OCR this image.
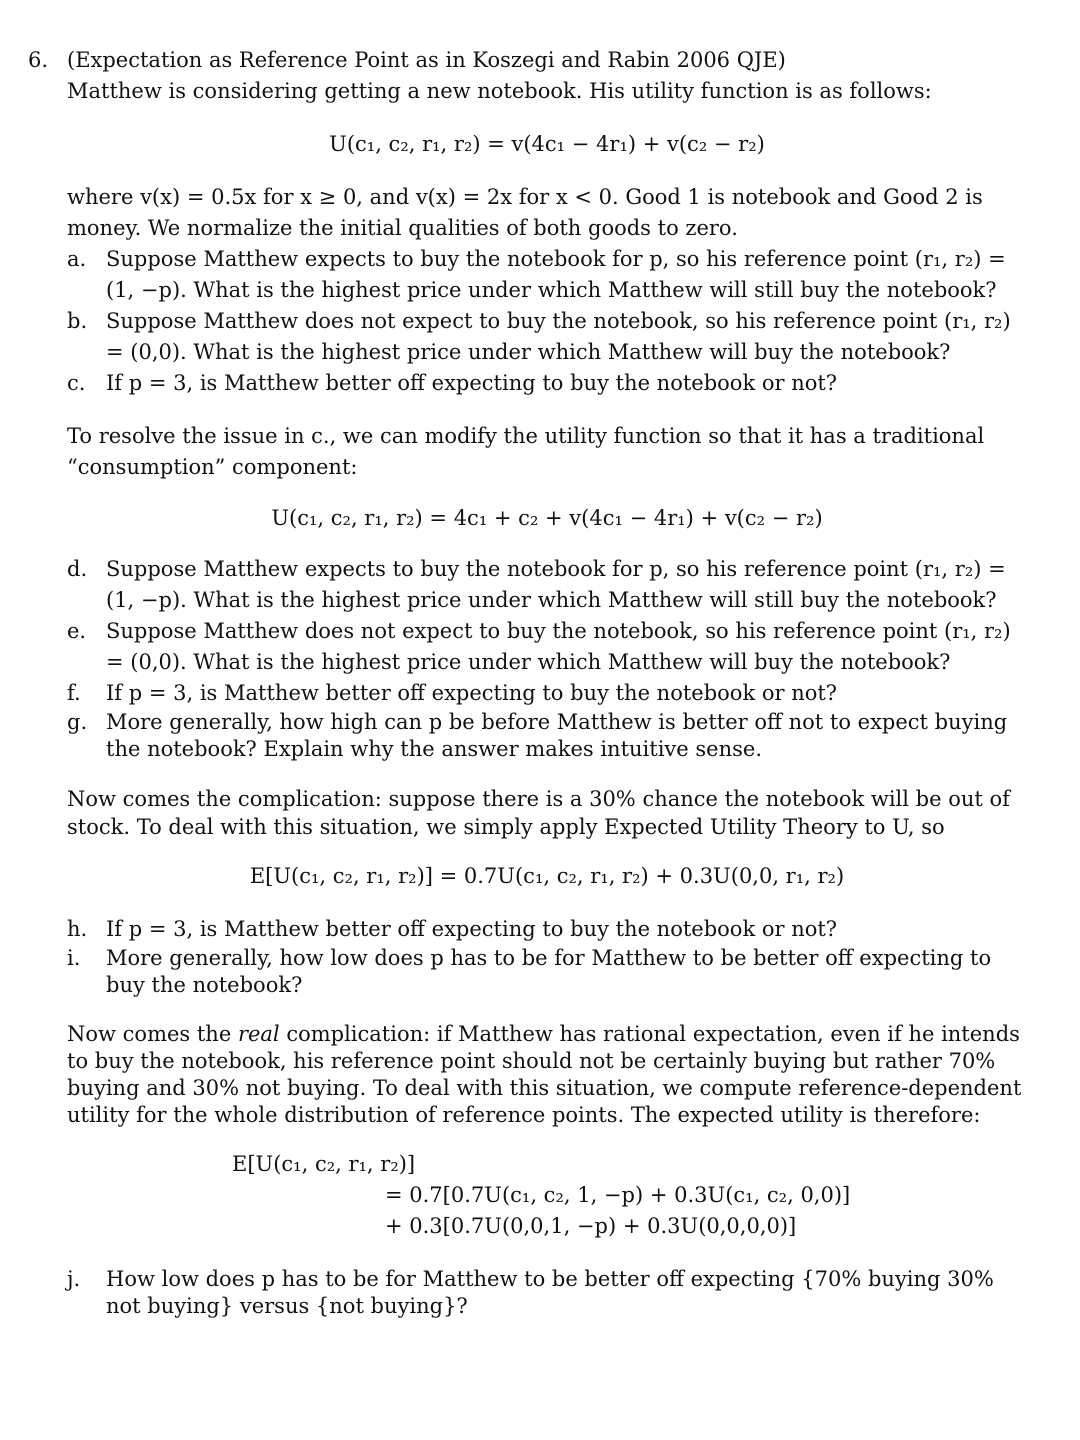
6. (Expectation as Reference Point as in Koszegi and Rabin 2006 QJE)

Matthew is considering getting a new notebook. His utility function is as follows:

U(c₁, c₂, r₁, r₂) = v(4c₁ − 4r₁) + v(c₂ − r₂)

where v(x) = 0.5x for x ≥ 0, and v(x) = 2x for x < 0. Good 1 is notebook and Good 2 is money. We normalize the initial qualities of both goods to zero.

a. Suppose Matthew expects to buy the notebook for p, so his reference point (r₁, r₂) = (1, −p). What is the highest price under which Matthew will still buy the notebook?
b. Suppose Matthew does not expect to buy the notebook, so his reference point (r₁, r₂) = (0,0). What is the highest price under which Matthew will buy the notebook?
c. If p = 3, is Matthew better off expecting to buy the notebook or not?

To resolve the issue in c., we can modify the utility function so that it has a traditional “consumption” component:

U(c₁, c₂, r₁, r₂) = 4c₁ + c₂ + v(4c₁ − 4r₁) + v(c₂ − r₂)

d. Suppose Matthew expects to buy the notebook for p, so his reference point (r₁, r₂) = (1, −p). What is the highest price under which Matthew will still buy the notebook?
e. Suppose Matthew does not expect to buy the notebook, so his reference point (r₁, r₂) = (0,0). What is the highest price under which Matthew will buy the notebook?
f. If p = 3, is Matthew better off expecting to buy the notebook or not?
g. More generally, how high can p be before Matthew is better off not to expect buying the notebook? Explain why the answer makes intuitive sense.

Now comes the complication: suppose there is a 30% chance the notebook will be out of stock. To deal with this situation, we simply apply Expected Utility Theory to U, so

E[U(c₁, c₂, r₁, r₂)] = 0.7U(c₁, c₂, r₁, r₂) + 0.3U(0,0, r₁, r₂)

h. If p = 3, is Matthew better off expecting to buy the notebook or not?
i. More generally, how low does p has to be for Matthew to be better off expecting to buy the notebook?

Now comes the real complication: if Matthew has rational expectation, even if he intends to buy the notebook, his reference point should not be certainly buying but rather 70% buying and 30% not buying. To deal with this situation, we compute reference-dependent utility for the whole distribution of reference points. The expected utility is therefore:

E[U(c₁, c₂, r₁, r₂)]
= 0.7[0.7U(c₁, c₂, 1, −p) + 0.3U(c₁, c₂, 0,0)]
+ 0.3[0.7U(0,0,1, −p) + 0.3U(0,0,0,0)]
j. How low does p has to be for Matthew to be better off expecting {70% buying 30% not buying} versus {not buying}?
